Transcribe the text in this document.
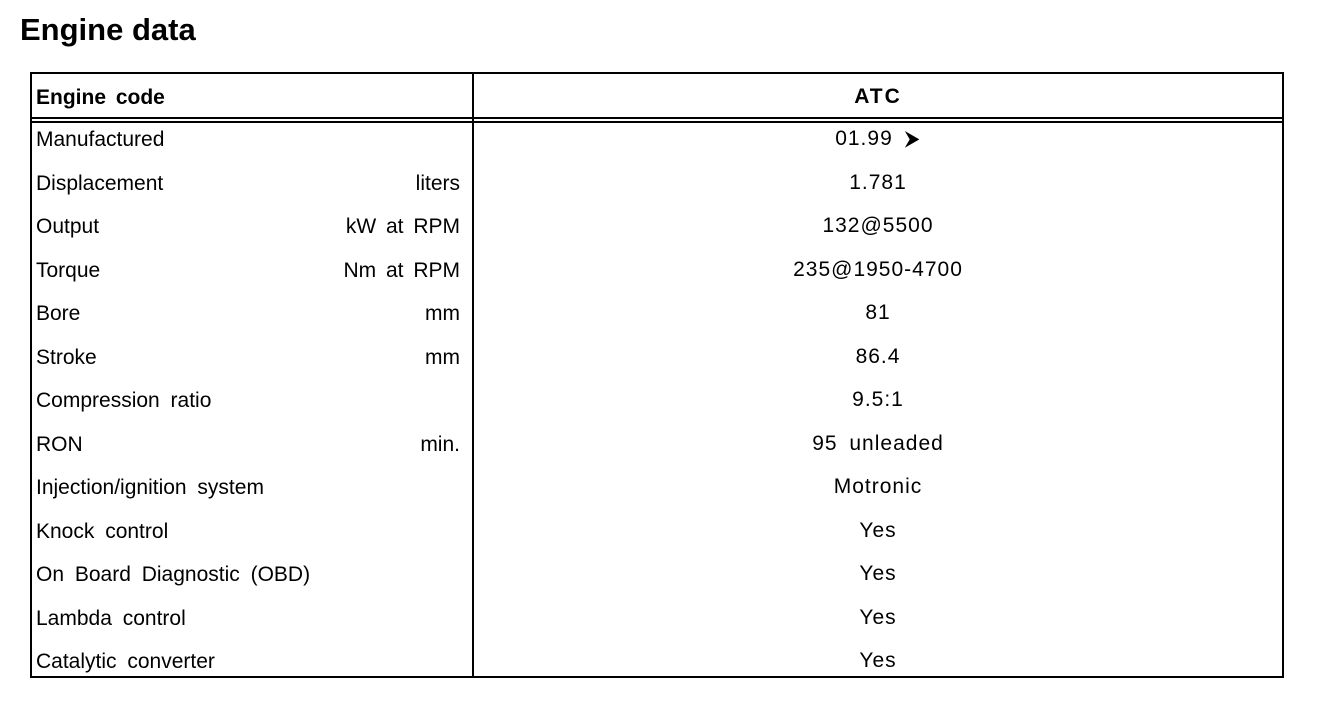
Engine data
Engine code	ATC
Manufactured	01.99 ⮞
Displacement	liters	1.781
Output	kW at RPM	132@5500
Torque	Nm at RPM	235@1950-4700
Bore	mm	81
Stroke	mm	86.4
Compression ratio	9.5:1
RON	min.	95 unleaded
Injection/ignition system	Motronic
Knock control	Yes
On Board Diagnostic (OBD)	Yes
Lambda control	Yes
Catalytic converter	Yes
